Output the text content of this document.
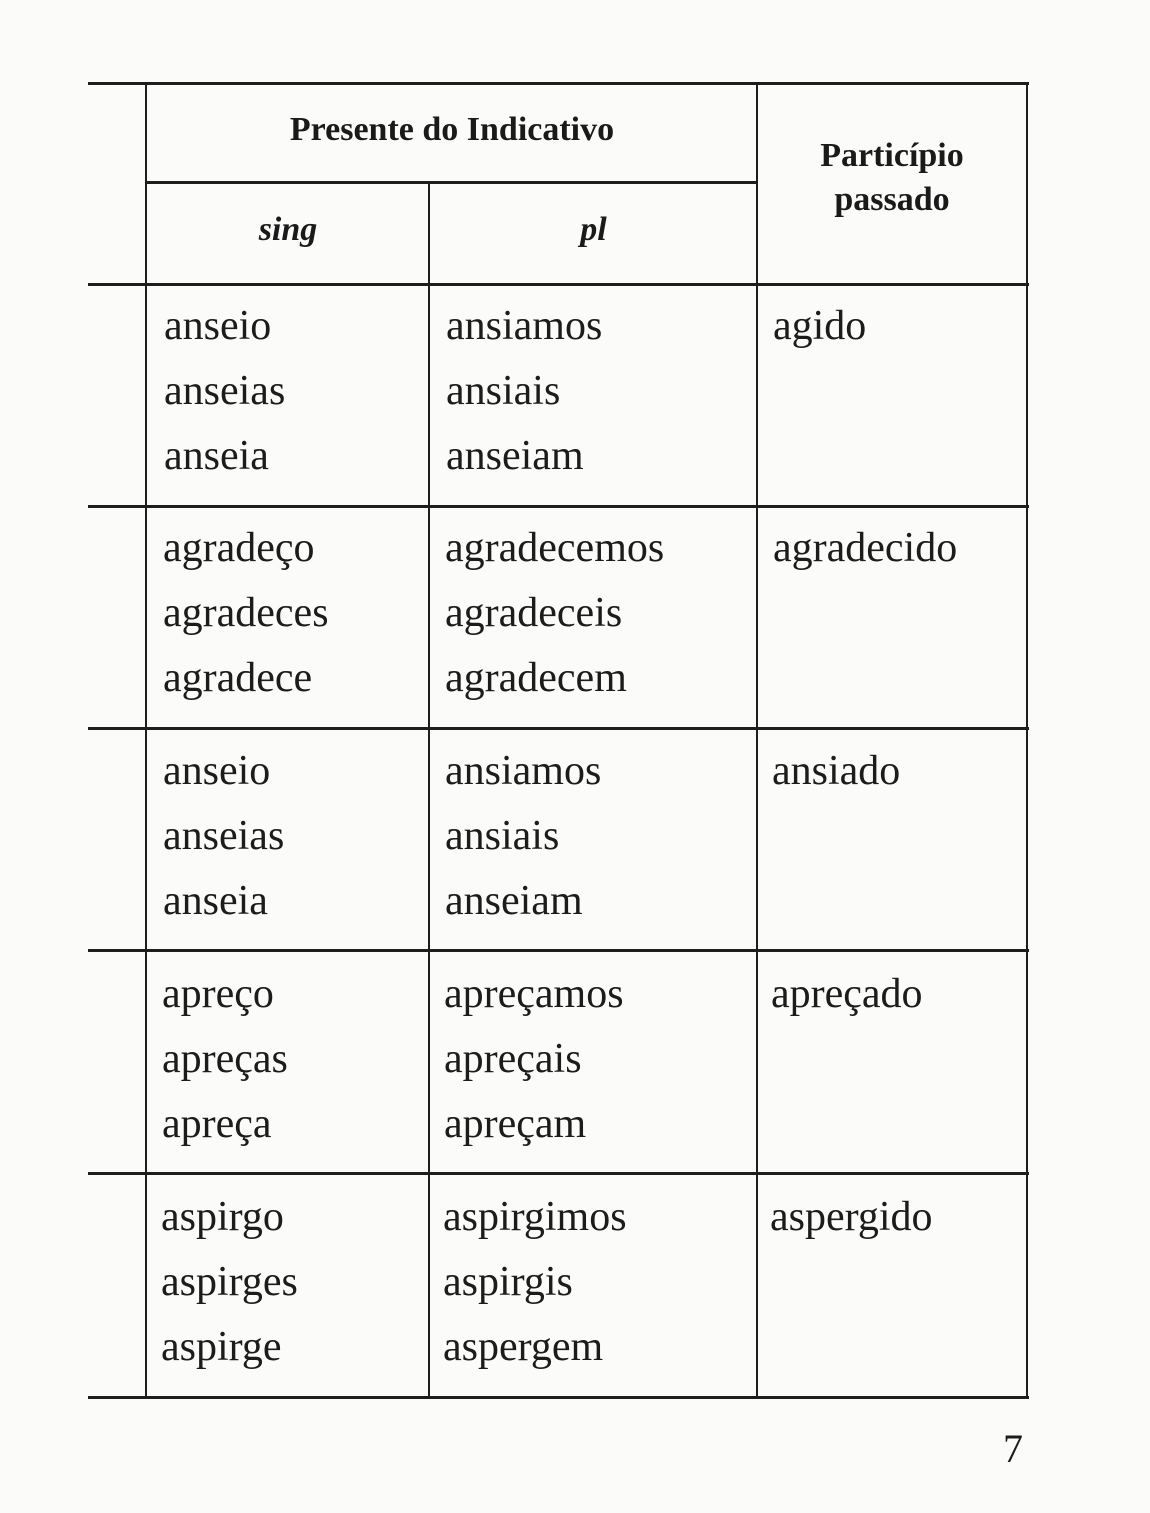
Presente do Indicativo
sing	pl
Particípio
passado
anseio
anseias
anseia
ansiamos
ansiais
anseiam
agido
agradeço
agradeces
agradece
agradecemos
agradeceis
agradecem
agradecido
anseio
anseias
anseia
ansiamos
ansiais
anseiam
ansiado
apreço
apreças
apreça
apreçamos
apreçais
apreçam
apreçado
aspirgo
aspirges
aspirge
aspirgimos
aspirgis
aspergem
aspergido
7
